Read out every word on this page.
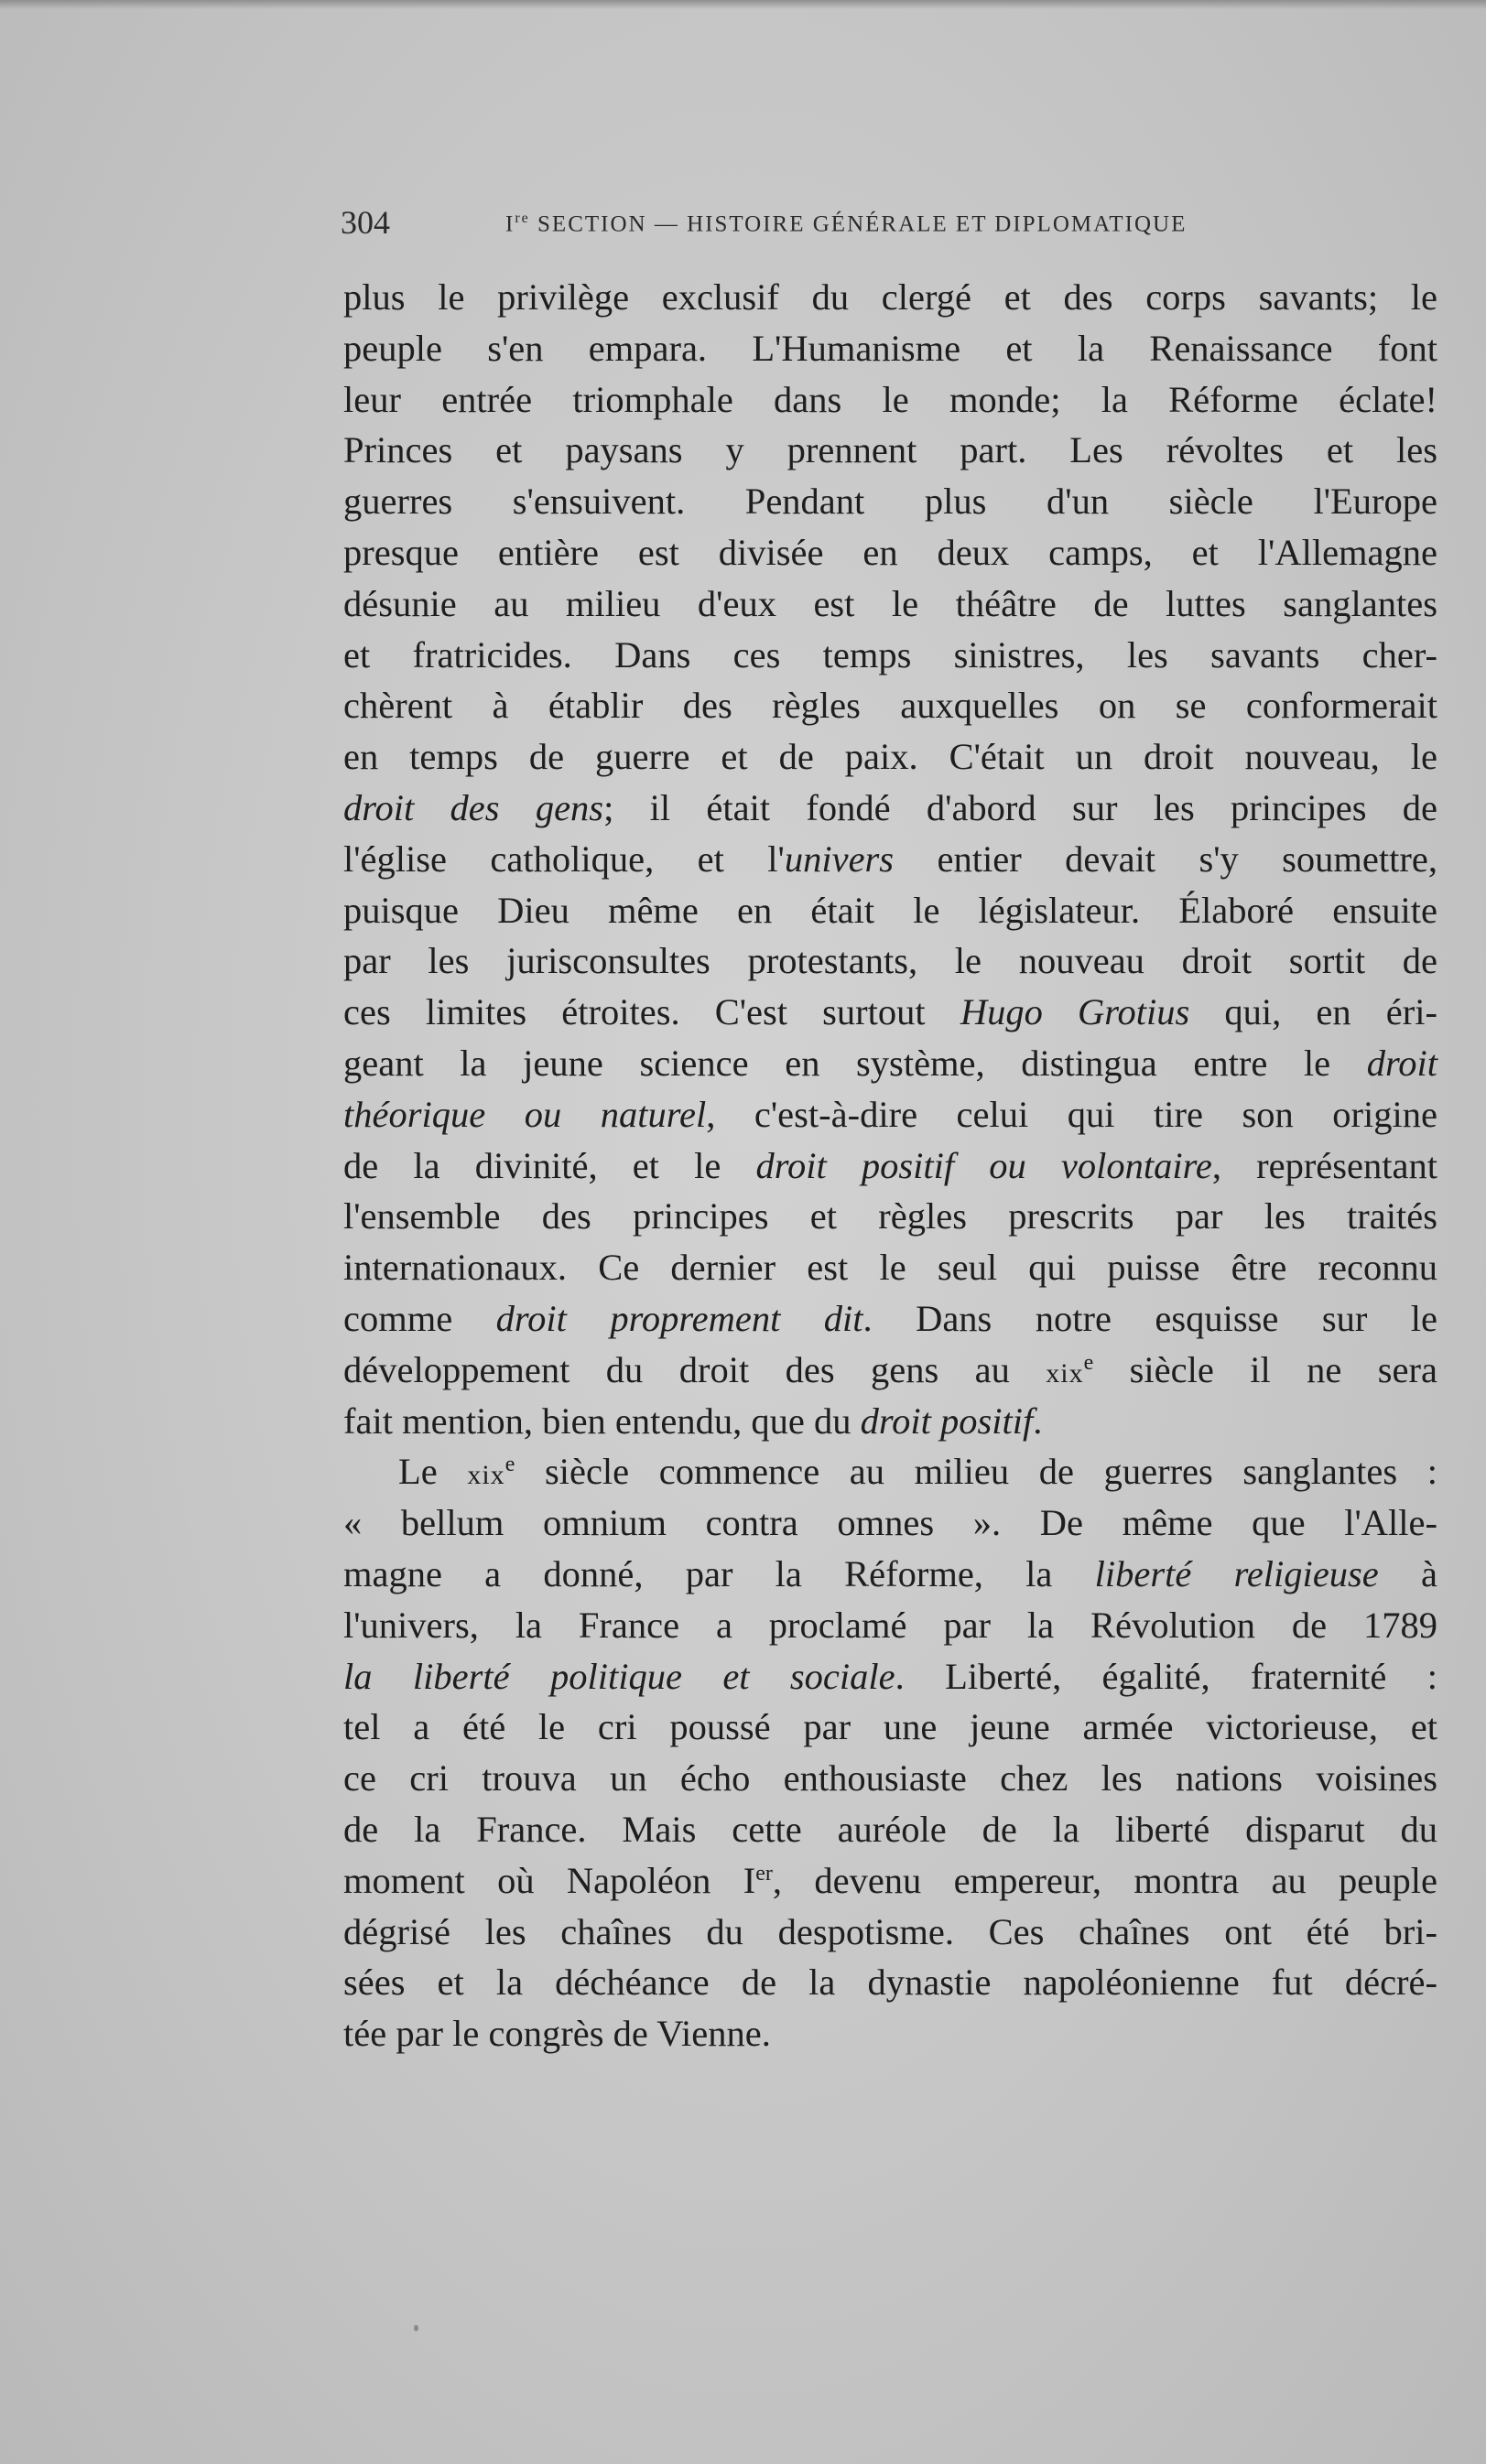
304	Ire SECTION — HISTOIRE GÉNÉRALE ET DIPLOMATIQUE
plus le privilège exclusif du clergé et des corps savants; le
peuple s'en empara. L'Humanisme et la Renaissance font
leur entrée triomphale dans le monde; la Réforme éclate!
Princes et paysans y prennent part. Les révoltes et les
guerres s'ensuivent. Pendant plus d'un siècle l'Europe
presque entière est divisée en deux camps, et l'Allemagne
désunie au milieu d'eux est le théâtre de luttes sanglantes
et fratricides. Dans ces temps sinistres, les savants cher-
chèrent à établir des règles auxquelles on se conformerait
en temps de guerre et de paix. C'était un droit nouveau, le
droit des gens; il était fondé d'abord sur les principes de
l'église catholique, et l'univers entier devait s'y soumettre,
puisque Dieu même en était le législateur. Élaboré ensuite
par les jurisconsultes protestants, le nouveau droit sortit de
ces limites étroites. C'est surtout Hugo Grotius qui, en éri-
geant la jeune science en système, distingua entre le droit
théorique ou naturel, c'est-à-dire celui qui tire son origine
de la divinité, et le droit positif ou volontaire, représentant
l'ensemble des principes et règles prescrits par les traités
internationaux. Ce dernier est le seul qui puisse être reconnu
comme droit proprement dit. Dans notre esquisse sur le
développement du droit des gens au xix$^e$ siècle il ne sera
fait mention, bien entendu, que du droit positif.
Le xix$^e$ siècle commence au milieu de guerres sanglantes :
« bellum omnium contra omnes ». De même que l'Alle-
magne a donné, par la Réforme, la liberté religieuse à
l'univers, la France a proclamé par la Révolution de 1789
la liberté politique et sociale. Liberté, égalité, fraternité :
tel a été le cri poussé par une jeune armée victorieuse, et
ce cri trouva un écho enthousiaste chez les nations voisines
de la France. Mais cette auréole de la liberté disparut du
moment où Napoléon Ier, devenu empereur, montra au peuple
dégrisé les chaînes du despotisme. Ces chaînes ont été bri-
sées et la déchéance de la dynastie napoléonienne fut décré-
tée par le congrès de Vienne.
